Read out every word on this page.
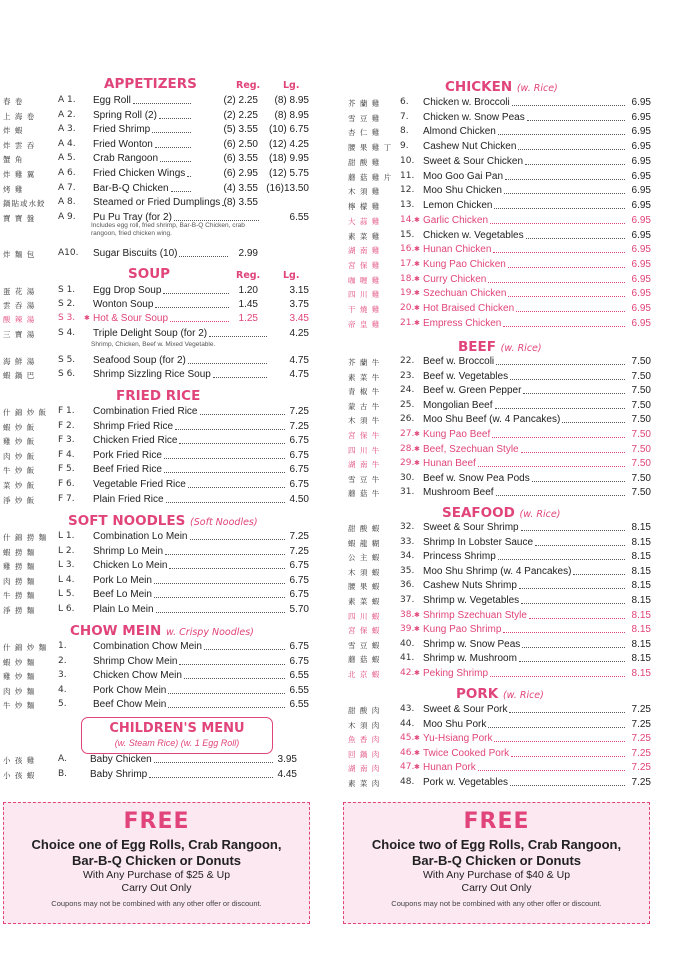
APPETIZERS	Reg. Lg.
春 卷	A 1. Egg Roll	(2) 2.25 (8) 8.95
上 海 卷	A 2. Spring Roll (2)	(2) 2.25 (8) 8.95
炸 蝦	A 3. Fried Shrimp	(5) 3.55 (10) 6.75
炸 雲 吞	A 4. Fried Wonton	(6) 2.50 (12) 4.25
蟹 角	A 5. Crab Rangoon	(6) 3.55 (18) 9.95
炸 雞 翼	A 6. Fried Chicken Wings	(6) 2.95 (12) 5.75
烤 雞	A 7. Bar-B-Q Chicken	(4) 3.55 (16)13.50
鍋貼或水餃 A 8. Steamed or Fried Dumplings (8) 3.55
寶 寶 盤	A 9. Pu Pu Tray (for 2)	6.55
炸 麵 包	A10. Sugar Biscuits (10)	2.99
Includes egg roll, fried shrimp, Bar-B-Q Chicken, crab rangoon, fried chicken wing.
SOUP	Reg. Lg.
蛋 花 湯	S 1. Egg Drop Soup	1.20	3.15
雲 吞 湯	S 2. Wonton Soup	1.45	3.75
酸 辣 湯	S 3. ✱ Hot & Sour Soup	1.25	3.45
三 寶 湯	S 4. Triple Delight Soup (for 2)	4.25
海 鮮 湯	S 5. Seafood Soup (for 2)	4.75
蝦 鍋 巴	S 6. Shrimp Sizzling Rice Soup	4.75
Shrimp, Chicken, Beef w. Mixed Vegetable.
FRIED RICE
什 錦 炒 飯 F 1. Combination Fried Rice	7.25
蝦 炒 飯	F 2. Shrimp Fried Rice	7.25
雞 炒 飯	F 3. Chicken Fried Rice	6.75
肉 炒 飯	F 4. Pork Fried Rice	6.75
牛 炒 飯	F 5. Beef Fried Rice	6.75
菜 炒 飯	F 6. Vegetable Fried Rice	6.75
淨 炒 飯	F 7. Plain Fried Rice	4.50
SOFT NOODLES (Soft Noodles)
什 錦 撈 麵 L 1. Combination Lo Mein	7.25
蝦 撈 麵	L 2. Shrimp Lo Mein	7.25
雞 撈 麵	L 3. Chicken Lo Mein	6.75
肉 撈 麵	L 4. Pork Lo Mein	6.75
牛 撈 麵	L 5. Beef Lo Mein	6.75
淨 撈 麵	L 6. Plain Lo Mein	5.70
CHOW MEIN w. Crispy Noodles)
什 錦 炒 麵 1.	Combination Chow Mein	6.75
蝦 炒 麵	2.	Shrimp Chow Mein	6.75
雞 炒 麵	3.	Chicken Chow Mein	6.55
肉 炒 麵	4.	Pork Chow Mein	6.55
牛 炒 麵	5.	Beef Chow Mein	6.55
CHILDREN'S MENU
(w. Steam Rice) (w. 1 Egg Roll)
小 孩 雞	A. Baby Chicken	3.95
小 孩 蝦	B. Baby Shrimp	4.45
CHICKEN (w. Rice)
芥 蘭 雞 6. Chicken w. Broccoli	6.95
雪 豆 雞 7. Chicken w. Snow Peas	6.95
杏 仁 雞 8. Almond Chicken	6.95
腰 果 雞 丁 9. Cashew Nut Chicken	6.95
甜 酸 雞 10. Sweet & Sour Chicken	6.95
蘑 菇 雞 片 11. Moo Goo Gai Pan	6.95
木 須 雞 12. Moo Shu Chicken	6.95
檸 檬 雞 13. Lemon Chicken	6.95
大 蒜 雞 14. ✱ Garlic Chicken	6.95
素 菜 雞 15. Chicken w. Vegetables	6.95
湖 南 雞 16. ✱ Hunan Chicken	6.95
宮 保 雞 17. ✱ Kung Pao Chicken	6.95
咖 喱 雞 18. ✱ Curry Chicken	6.95
四 川 雞 19. ✱ Szechuan Chicken	6.95
干 燒 雞 20. ✱ Hot Braised Chicken	6.95
帝 皇 雞 21. ✱ Empress Chicken	6.95
BEEF (w. Rice)
芥 蘭 牛 22. Beef w. Broccoli	7.50
素 菜 牛 23. Beef w. Vegetables	7.50
青 椒 牛 24. Beef w. Green Pepper	7.50
蒙 古 牛 25. Mongolian Beef	7.50
木 須 牛 26. Moo Shu Beef (w. 4 Pancakes)	7.50
宮 保 牛 27. ✱ Kung Pao Beef	7.50
四 川 牛 28. ✱ Beef, Szechuan Style	7.50
湖 南 牛 29. ✱ Hunan Beef	7.50
雪 豆 牛 30. Beef w. Snow Pea Pods	7.50
蘑 菇 牛 31. Mushroom Beef	7.50
SEAFOOD (w. Rice)
甜 酸 蝦 32. Sweet & Sour Shrimp	8.15
蝦 龍 糊 33. Shrimp In Lobster Sauce	8.15
公 主 蝦 34. Princess Shrimp	8.15
木 須 蝦 35. Moo Shu Shrimp (w. 4 Pancakes)	8.15
腰 果 蝦 36. Cashew Nuts Shrimp	8.15
素 菜 蝦 37. Shrimp w. Vegetables	8.15
四 川 蝦 38. ✱ Shrimp Szechuan Style	8.15
宮 保 蝦 39. ✱ Kung Pao Shrimp	8.15
雪 豆 蝦 40. Shrimp w. Snow Peas	8.15
蘑 菇 蝦 41. Shrimp w. Mushroom	8.15
北 京 蝦 42. ✱ Peking Shrimp	8.15
PORK (w. Rice)
甜 酸 肉 43. Sweet & Sour Pork	7.25
木 須 肉 44. Moo Shu Pork	7.25
魚 香 肉 45. ✱ Yu-Hsiang Pork	7.25
回 鍋 肉 46. ✱ Twice Cooked Pork	7.25
湖 南 肉 47. ✱ Hunan Pork	7.25
素 菜 肉 48. Pork w. Vegetables	7.25
FREE
Choice one of Egg Rolls, Crab Rangoon,
Bar-B-Q Chicken or Donuts
With Any Purchase of $25 & Up
Carry Out Only
Coupons may not be combined with any other offer or discount.
FREE
Choice two of Egg Rolls, Crab Rangoon,
Bar-B-Q Chicken or Donuts
With Any Purchase of $40 & Up
Carry Out Only
Coupons may not be combined with any other offer or discount.
